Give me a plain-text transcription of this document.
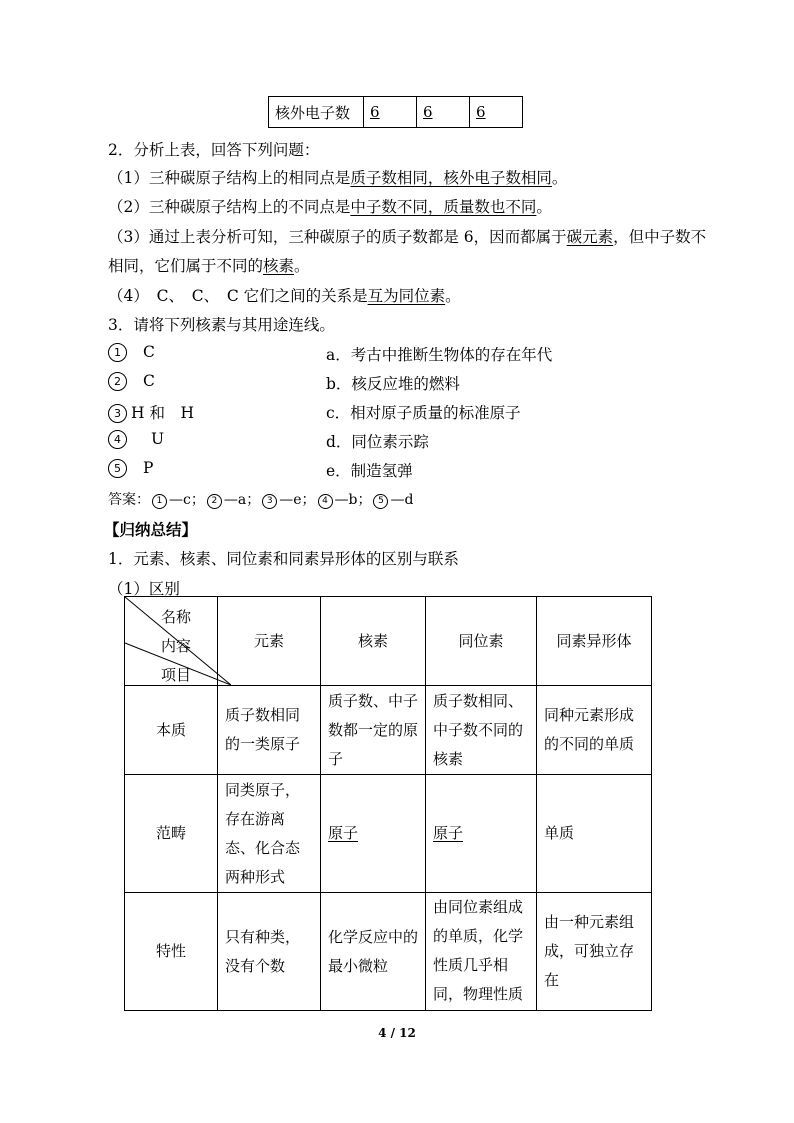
核外电子数	6	6	6
2．分析上表，回答下列问题：
（1）三种碳原子结构上的相同点是质子数相同，核外电子数相同。
（2）三种碳原子结构上的不同点是中子数不同，质量数也不同。
（3）通过上表分析可知，三种碳原子的质子数都是 6，因而都属于碳元素，但中子数不
相同，它们属于不同的核素。
（4）　C、　C、　C 它们之间的关系是互为同位素。
3．请将下列核素与其用途连线。
1 C	a．考古中推断生物体的存在年代
2 C	b．核反应堆的燃料
3 H 和　H	c．相对原子质量的标准原子
4 U	d．同位素示踪
5 P	e．制造氢弹
答案： 1 —c； 2 —a； 3 —e； 4 —b； 5 —d
【归纳总结】
1．元素、核素、同位素和同素异形体的区别与联系
（1）区别
名称
内容
项目	元素	核素	同位素	同素异形体
本质	质子数相同的一类原子	质子数、中子数都一定的原子	质子数相同、中子数不同的核素	同种元素形成的不同的单质
范畴	同类原子，存在游离态、化合态两种形式	原子	原子	单质
特性	只有种类，没有个数	化学反应中的最小微粒	由同位素组成的单质，化学性质几乎相同，物理性质	由一种元素组成，可独立存在
4 / 12
